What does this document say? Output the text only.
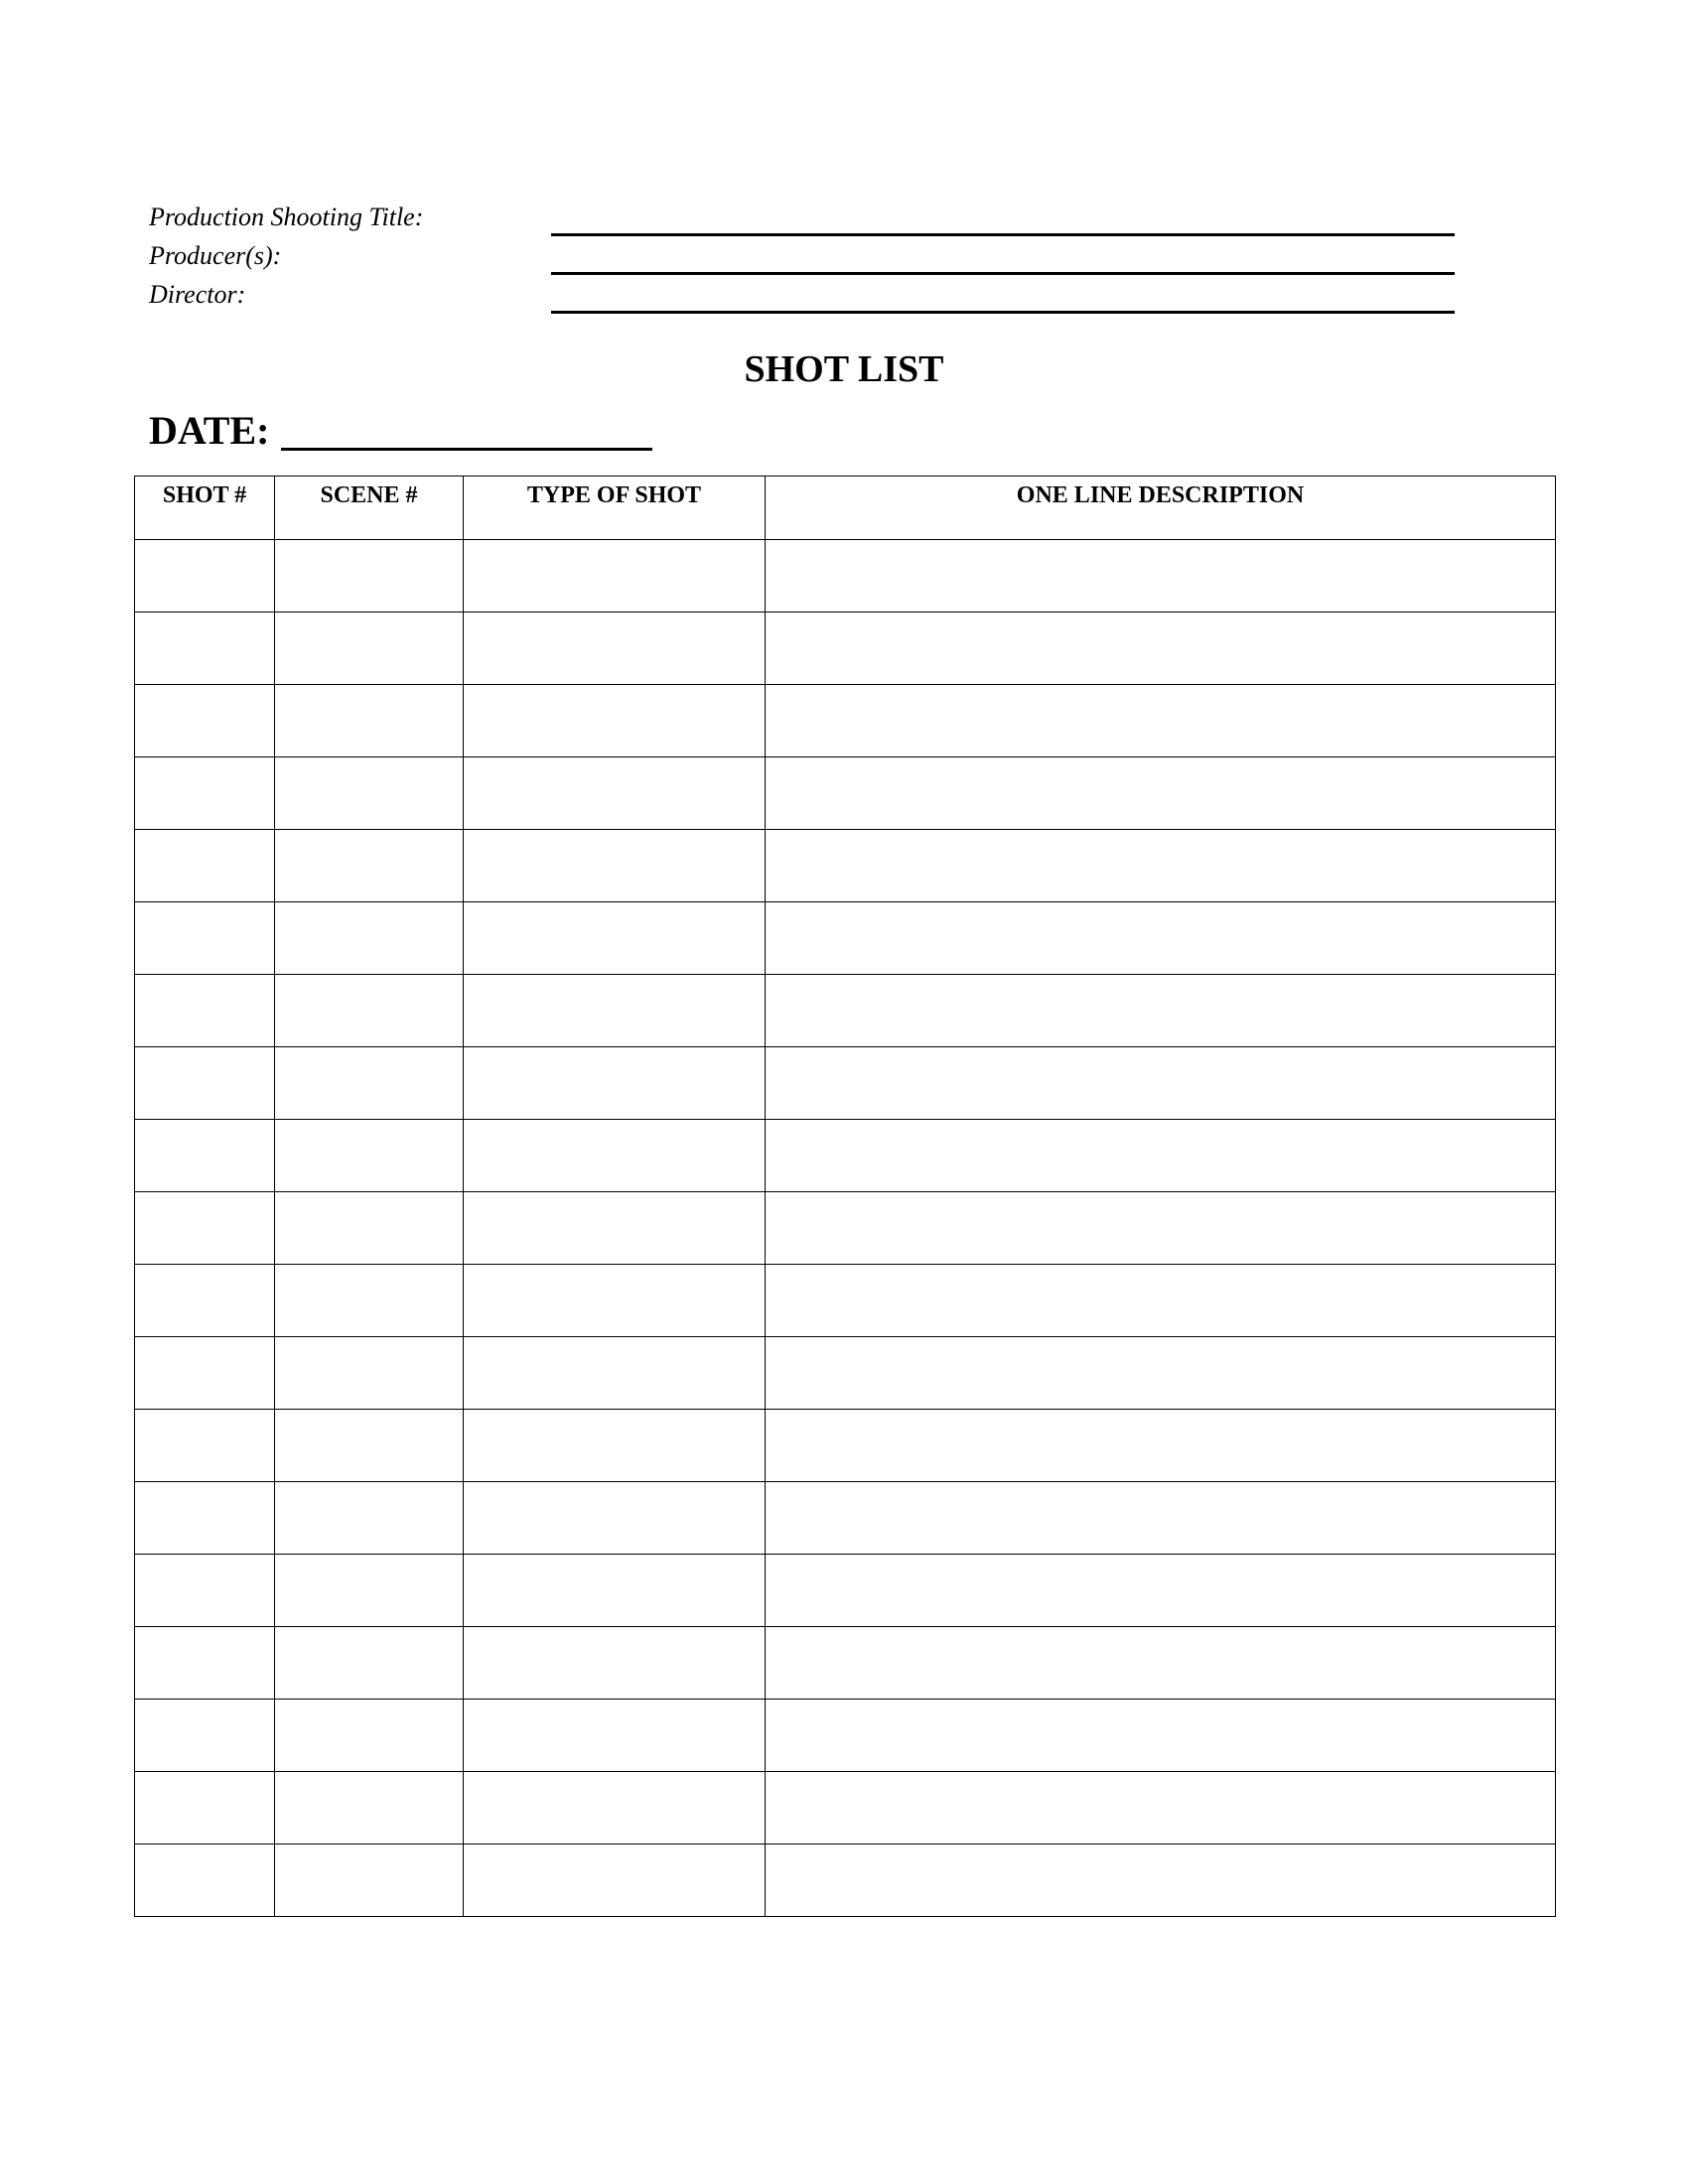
Production Shooting Title:
Producer(s):
Director:
SHOT LIST
DATE:
SHOT #	SCENE #	TYPE OF SHOT	ONE LINE DESCRIPTION
